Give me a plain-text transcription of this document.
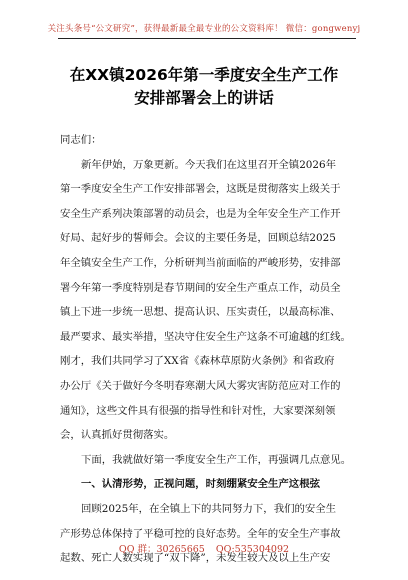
关注头条号“公文研究”，获得最新最全最专业的公文资料库！ 微信：gongwenyj
在XX镇2026年第一季度安全生产工作
安排部署会上的讲话
同志们：
新年伊始，万象更新。今天我们在这里召开全镇2026年
第一季度安全生产工作安排部署会，这既是贯彻落实上级关于
安全生产系列决策部署的动员会，也是为全年安全生产工作开
好局、起好步的誓师会。会议的主要任务是，回顾总结2025
年全镇安全生产工作，分析研判当前面临的严峻形势，安排部
署今年第一季度特别是春节期间的安全生产重点工作，动员全
镇上下进一步统一思想、提高认识、压实责任，以最高标准、
最严要求、最实举措，坚决守住安全生产这条不可逾越的红线。
刚才，我们共同学习了XX省《森林草原防火条例》和省政府
办公厅《关于做好今冬明春寒潮大风大雾灾害防范应对工作的
通知》，这些文件具有很强的指导性和针对性，大家要深刻领
会，认真抓好贯彻落实。
下面，我就做好第一季度安全生产工作，再强调几点意见。
一、认清形势，正视问题，时刻绷紧安全生产这根弦
回顾2025年，在全镇上下的共同努力下，我们的安全生
产形势总体保持了平稳可控的良好态势。全年的安全生产事故
起数、死亡人数实现了“双下降”，未发生较大及以上生产安
QQ 群：30265665 QQ:535304092
